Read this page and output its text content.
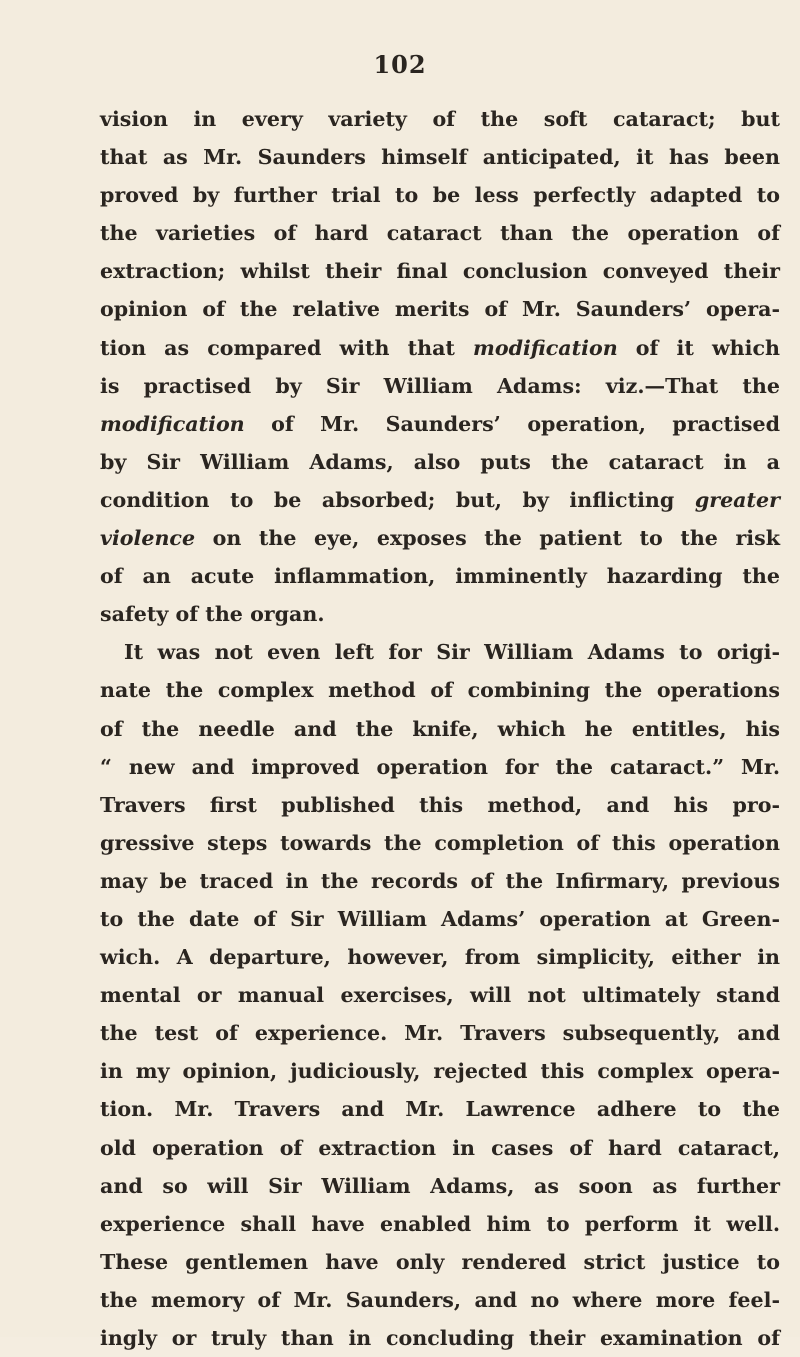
102
vision in every variety of the soft cataract; but
that as Mr. Saunders himself anticipated, it has been
proved by further trial to be less perfectly adapted to
the varieties of hard cataract than the operation of
extraction; whilst their final conclusion conveyed their
opinion of the relative merits of Mr. Saunders’ opera-
tion as compared with that modification of it which
is practised by Sir William Adams: viz.—That the
modification of Mr. Saunders’ operation, practised
by Sir William Adams, also puts the cataract in a
condition to be absorbed; but, by inflicting greater
violence on the eye, exposes the patient to the risk
of an acute inflammation, imminently hazarding the
safety of the organ.
It was not even left for Sir William Adams to origi-
nate the complex method of combining the operations
of the needle and the knife, which he entitles, his
“ new and improved operation for the cataract.” Mr.
Travers first published this method, and his pro-
gressive steps towards the completion of this operation
may be traced in the records of the Infirmary, previous
to the date of Sir William Adams’ operation at Green-
wich. A departure, however, from simplicity, either in
mental or manual exercises, will not ultimately stand
the test of experience. Mr. Travers subsequently, and
in my opinion, judiciously, rejected this complex opera-
tion. Mr. Travers and Mr. Lawrence adhere to the
old operation of extraction in cases of hard cataract,
and so will Sir William Adams, as soon as further
experience shall have enabled him to perform it well.
These gentlemen have only rendered strict justice to
the memory of Mr. Saunders, and no where more feel-
ingly or truly than in concluding their examination of
